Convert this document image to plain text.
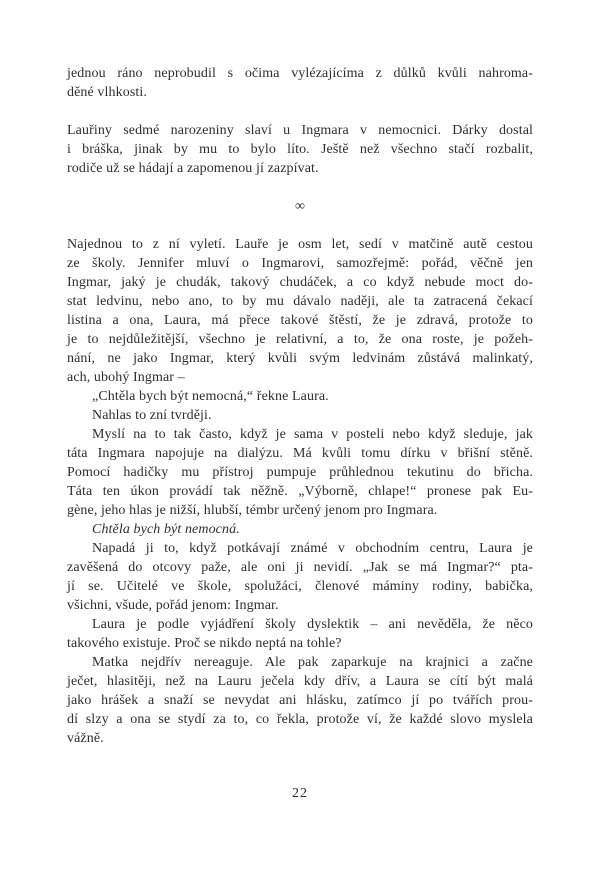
jednou ráno neprobudil s očima vylézajícíma z důlků kvůli nahroma-
děné vlhkosti.
Lauřiny sedmé narozeniny slaví u Ingmara v nemocnici. Dárky dostal
i bráška, jinak by mu to bylo líto. Ještě než všechno stačí rozbalit,
rodiče už se hádají a zapomenou jí zazpívat.
∞
Najednou to z ní vyletí. Lauře je osm let, sedí v matčině autě cestou
ze školy. Jennifer mluví o Ingmarovi, samozřejmě: pořád, věčně jen
Ingmar, jaký je chudák, takový chudáček, a co když nebude moct do-
stat ledvinu, nebo ano, to by mu dávalo naději, ale ta zatracená čekací
listina a ona, Laura, má přece takové štěstí, že je zdravá, protože to
je to nejdůležitější, všechno je relativní, a to, že ona roste, je požeh-
nání, ne jako Ingmar, který kvůli svým ledvinám zůstává malinkatý,
ach, ubohý Ingmar –
„Chtěla bych být nemocná,“ řekne Laura.
Nahlas to zní tvrději.
Myslí na to tak často, když je sama v posteli nebo když sleduje, jak
táta Ingmara napojuje na dialýzu. Má kvůli tomu dírku v břišní stěně.
Pomocí hadičky mu přístroj pumpuje průhlednou tekutinu do břicha.
Táta ten úkon provádí tak něžně. „Výborně, chlape!“ pronese pak Eu-
gène, jeho hlas je nižší, hlubší, témbr určený jenom pro Ingmara.
Chtěla bych být nemocná.
Napadá ji to, když potkávají známé v obchodním centru, Laura je
zavěšená do otcovy paže, ale oni ji nevidí. „Jak se má Ingmar?“ pta-
jí se. Učitelé ve škole, spolužáci, členové máminy rodiny, babička,
všichni, všude, pořád jenom: Ingmar.
Laura je podle vyjádření školy dyslektik – ani nevěděla, že něco
takového existuje. Proč se nikdo neptá na tohle?
Matka nejdřív nereaguje. Ale pak zaparkuje na krajnici a začne
ječet, hlasitěji, než na Lauru ječela kdy dřív, a Laura se cítí být malá
jako hrášek a snaží se nevydat ani hlásku, zatímco jí po tvářích prou-
dí slzy a ona se stydí za to, co řekla, protože ví, že každé slovo myslela
vážně.
22
